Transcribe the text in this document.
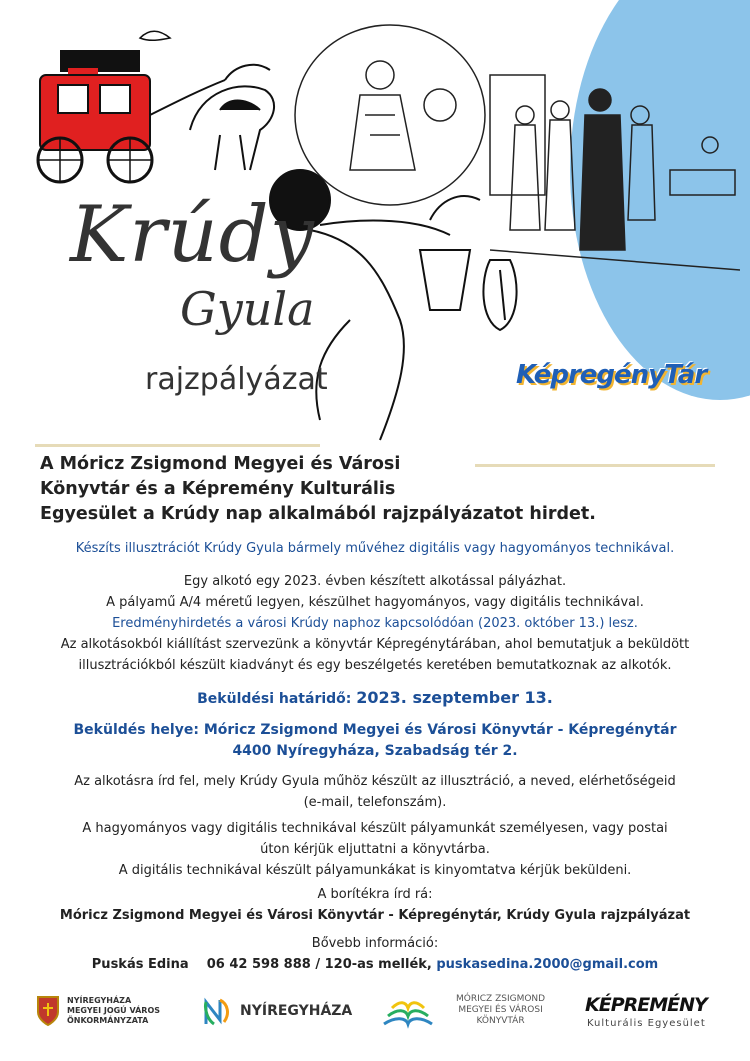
Krúdy
Gyula
rajzpályázat	KépregényTár
A Móricz Zsigmond Megyei és Városi
Könyvtár és a Képremény Kulturális
Egyesület a Krúdy nap alkalmából rajzpályázatot hirdet.
Készíts illusztrációt Krúdy Gyula bármely művéhez digitális vagy hagyományos technikával.
Egy alkotó egy 2023. évben készített alkotással pályázhat.
A pályamű A/4 méretű legyen, készülhet hagyományos, vagy digitális technikával.
Eredményhirdetés a városi Krúdy naphoz kapcsolódóan (2023. október 13.) lesz.
Az alkotásokból kiállítást szervezünk a könyvtár Képregénytárában, ahol bemutatjuk a beküldött
illusztrációkból készült kiadványt és egy beszélgetés keretében bemutatkoznak az alkotók.
Beküldési határidő: 2023. szeptember 13.
Beküldés helye: Móricz Zsigmond Megyei és Városi Könyvtár - Képregénytár
4400 Nyíregyháza, Szabadság tér 2.
Az alkotásra írd fel, mely Krúdy Gyula műhöz készült az illusztráció, a neved, elérhetőségeid
(e-mail, telefonszám).
A hagyományos vagy digitális technikával készült pályamunkát személyesen, vagy postai
úton kérjük eljuttatni a könyvtárba.
A digitális technikával készült pályamunkákat is kinyomtatva kérjük beküldeni.
A borítékra írd rá:
Móricz Zsigmond Megyei és Városi Könyvtár - Képregénytár, Krúdy Gyula rajzpályázat
Bővebb információ:
Puskás Edina 06 42 598 888 / 120-as mellék, puskasedina.2000@gmail.com
NYÍREGYHÁZA
MEGYEI JOGÚ VÁROS
ÖNKORMÁNYZATA
NYÍREGYHÁZA
MÓRICZ ZSIGMOND
MEGYEI ÉS VÁROSI
KÖNYVTÁR
KÉPREMÉNY
Kulturális Egyesület
